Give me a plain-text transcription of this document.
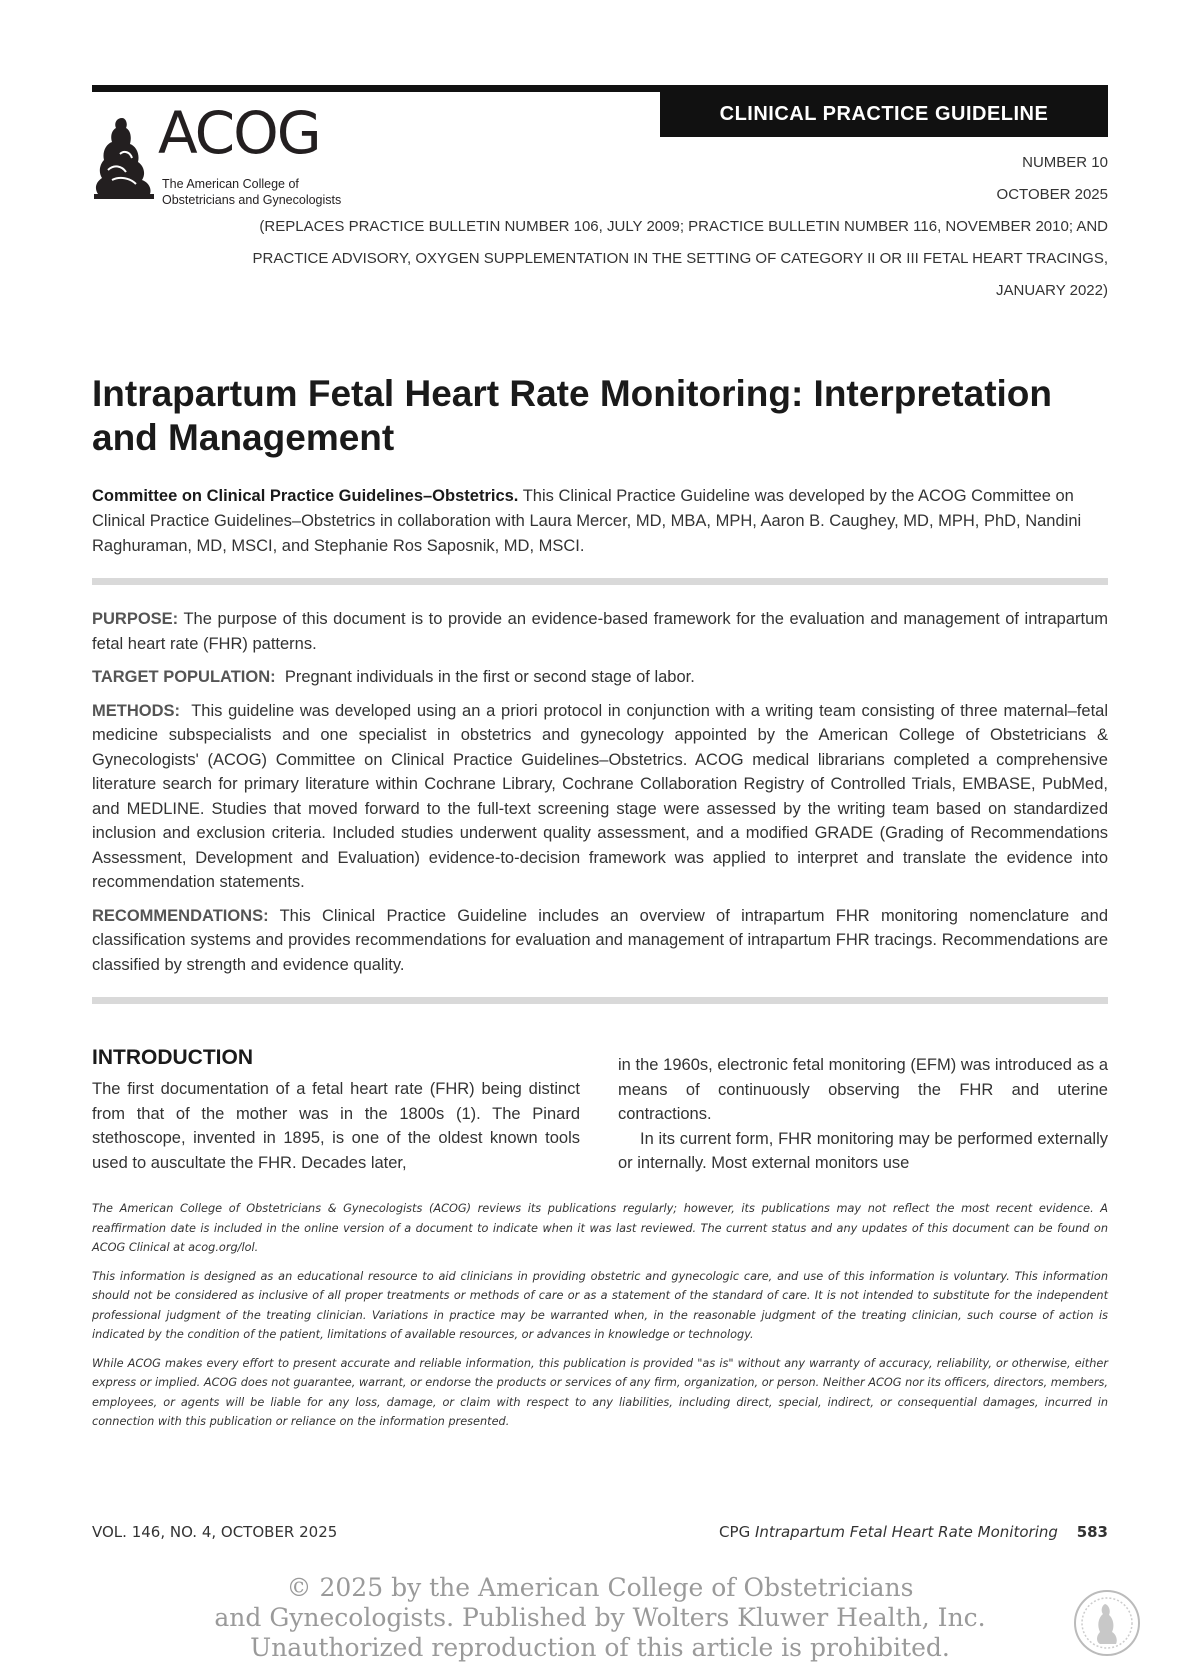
CLINICAL PRACTICE GUIDELINE
ACOG
The American College of
Obstetricians and Gynecologists
NUMBER 10
OCTOBER 2025
(REPLACES PRACTICE BULLETIN NUMBER 106, JULY 2009; PRACTICE BULLETIN NUMBER 116, NOVEMBER 2010; AND
PRACTICE ADVISORY, OXYGEN SUPPLEMENTATION IN THE SETTING OF CATEGORY II OR III FETAL HEART TRACINGS,
JANUARY 2022)
Intrapartum Fetal Heart Rate Monitoring: Interpretation and Management
Committee on Clinical Practice Guidelines–Obstetrics. This Clinical Practice Guideline was developed by the ACOG Committee on Clinical Practice Guidelines–Obstetrics in collaboration with Laura Mercer, MD, MBA, MPH, Aaron B. Caughey, MD, MPH, PhD, Nandini Raghuraman, MD, MSCI, and Stephanie Ros Saposnik, MD, MSCI.

PURPOSE: The purpose of this document is to provide an evidence-based framework for the evaluation and management of intrapartum fetal heart rate (FHR) patterns.

TARGET POPULATION: Pregnant individuals in the first or second stage of labor.

METHODS: This guideline was developed using an a priori protocol in conjunction with a writing team consisting of three maternal–fetal medicine subspecialists and one specialist in obstetrics and gynecology appointed by the American College of Obstetricians & Gynecologists' (ACOG) Committee on Clinical Practice Guidelines–Obstetrics. ACOG medical librarians completed a comprehensive literature search for primary literature within Cochrane Library, Cochrane Collaboration Registry of Controlled Trials, EMBASE, PubMed, and MEDLINE. Studies that moved forward to the full-text screening stage were assessed by the writing team based on standardized inclusion and exclusion criteria. Included studies underwent quality assessment, and a modified GRADE (Grading of Recommendations Assessment, Development and Evaluation) evidence-to-decision framework was applied to interpret and translate the evidence into recommendation statements.

RECOMMENDATIONS: This Clinical Practice Guideline includes an overview of intrapartum FHR monitoring nomenclature and classification systems and provides recommendations for evaluation and management of intrapartum FHR tracings. Recommendations are classified by strength and evidence quality.

INTRODUCTION

The first documentation of a fetal heart rate (FHR) being distinct from that of the mother was in the 1800s (1). The Pinard stethoscope, invented in 1895, is one of the oldest known tools used to auscultate the FHR. Decades later,

in the 1960s, electronic fetal monitoring (EFM) was introduced as a means of continuously observing the FHR and uterine contractions.

In its current form, FHR monitoring may be performed externally or internally. Most external monitors use

The American College of Obstetricians & Gynecologists (ACOG) reviews its publications regularly; however, its publications may not reflect the most recent evidence. A reaffirmation date is included in the online version of a document to indicate when it was last reviewed. The current status and any updates of this document can be found on ACOG Clinical at acog.org/lol.

This information is designed as an educational resource to aid clinicians in providing obstetric and gynecologic care, and use of this information is voluntary. This information should not be considered as inclusive of all proper treatments or methods of care or as a statement of the standard of care. It is not intended to substitute for the independent professional judgment of the treating clinician. Variations in practice may be warranted when, in the reasonable judgment of the treating clinician, such course of action is indicated by the condition of the patient, limitations of available resources, or advances in knowledge or technology.

While ACOG makes every effort to present accurate and reliable information, this publication is provided "as is" without any warranty of accuracy, reliability, or otherwise, either express or implied. ACOG does not guarantee, warrant, or endorse the products or services of any firm, organization, or person. Neither ACOG nor its officers, directors, members, employees, or agents will be liable for any loss, damage, or claim with respect to any liabilities, including direct, special, indirect, or consequential damages, incurred in connection with this publication or reliance on the information presented.

VOL. 146, NO. 4, OCTOBER 2025	CPG Intrapartum Fetal Heart Rate Monitoring 583
© 2025 by the American College of Obstetricians
and Gynecologists. Published by Wolters Kluwer Health, Inc.
Unauthorized reproduction of this article is prohibited.
